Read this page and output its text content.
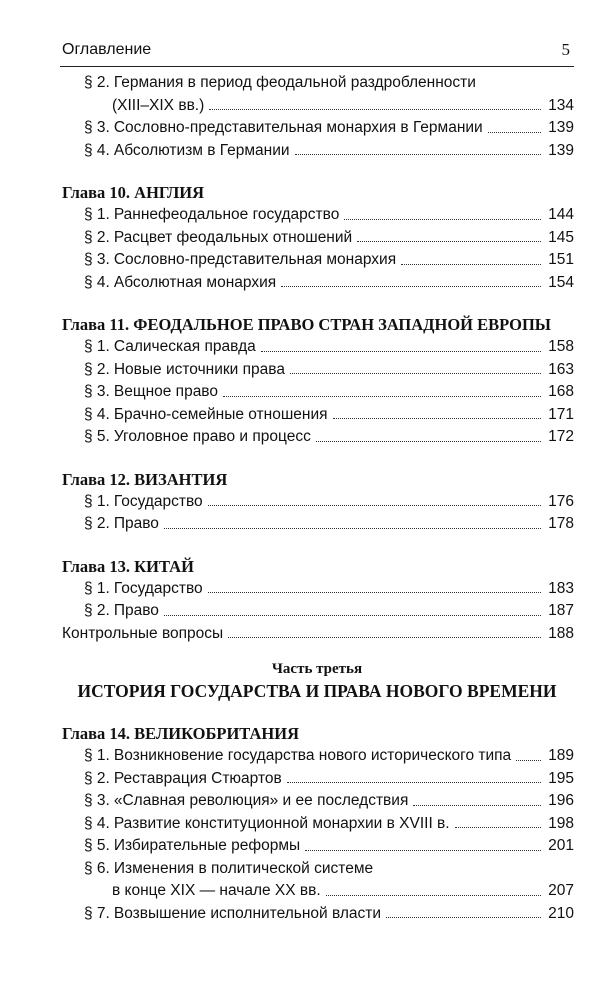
Оглавление	5
§ 2. Германия в период феодальной раздробленности
(XIII–XIX вв.)	134
§ 3. Сословно-представительная монархия в Германии	139
§ 4. Абсолютизм в Германии	139
Глава 10. АНГЛИЯ
§ 1. Раннефеодальное государство	144
§ 2. Расцвет феодальных отношений	145
§ 3. Сословно-представительная монархия	151
§ 4. Абсолютная монархия	154
Глава 11. ФЕОДАЛЬНОЕ ПРАВО СТРАН ЗАПАДНОЙ ЕВРОПЫ
§ 1. Салическая правда	158
§ 2. Новые источники права	163
§ 3. Вещное право	168
§ 4. Брачно-семейные отношения	171
§ 5. Уголовное право и процесс	172
Глава 12. ВИЗАНТИЯ
§ 1. Государство	176
§ 2. Право	178
Глава 13. КИТАЙ
§ 1. Государство	183
§ 2. Право	187
Контрольные вопросы	188
Часть третья
ИСТОРИЯ ГОСУДАРСТВА И ПРАВА НОВОГО ВРЕМЕНИ
Глава 14. ВЕЛИКОБРИТАНИЯ
§ 1. Возникновение государства нового исторического типа 189
§ 2. Реставрация Стюартов	195
§ 3. «Славная революция» и ее последствия	196
§ 4. Развитие конституционной монархии в XVIII в.	198
§ 5. Избирательные реформы	201
§ 6. Изменения в политической системе
в конце XIX — начале XX вв.	207
§ 7. Возвышение исполнительной власти	210
